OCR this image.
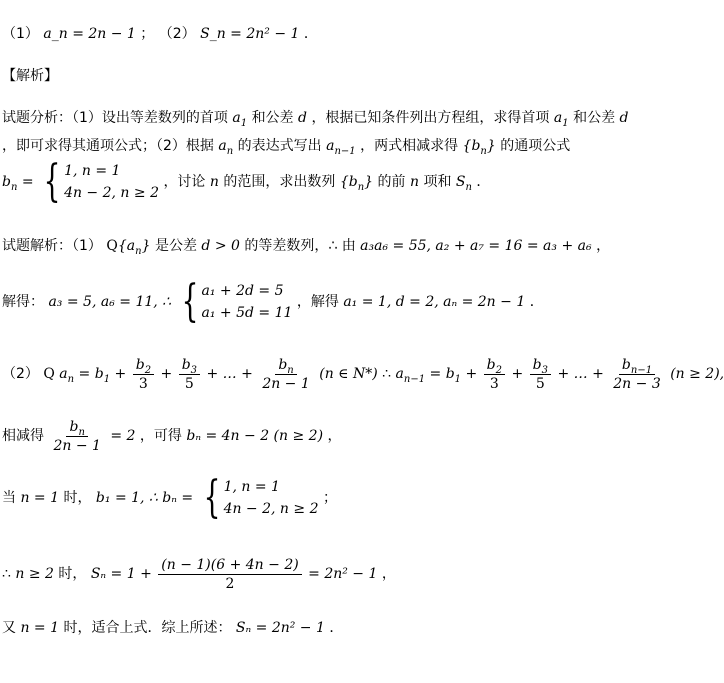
（1） a_n = 2n − 1 ； （2） S_n = 2n² − 1 ．
【解析】
试题分析：（1）设出等差数列的首项 $a_1$ 和公差 d ，根据已知条件列出方程组，求得首项 $a_1$ 和公差 d
，即可求得其通项公式；（2）根据 $a_n$ 的表达式写出 $a_{n-1}$ ，两式相减求得 $\{b_n\}$ 的通项公式
$b_n$ = { 1, n = 1
4n − 2, n ≥ 2
，讨论 n 的范围，求出数列 $\{b_n\}$ 的前 n 项和 $S_n$ ．
试题解析：（1） $Q\{a_n\}$ 是公差 d > 0 的等差数列，∴ 由 a₃a₆ = 55, a₂ + a₇ = 16 = a₃ + a₆ ，
解得： a₃ = 5, a₆ = 11, ∴ { a₁ + 2d = 5
a₁ + 5d = 11
，解得 a₁ = 1, d = 2, aₙ = 2n − 1 ．
（2） Q $a_n = b_1 + \frac{b_2}{3} + \frac{b_3}{5}$ + … + $\frac{b_n}{2n - 1} (n$ ∈ N*) ∴ $a_{n-1} = b_1 + \frac{b_2}{3} + \frac{b_3}{5}$ + … + $\frac{b_{n-1}}{2n - 3} (n \ge 2)$,
相减得 $\frac{b_n}{2n - 1} = 2$ ，可得 bₙ = 4n − 2 (n ≥ 2) ，
当 n = 1 时， b₁ = 1, ∴ bₙ = { 1, n = 1
4n − 2, n ≥ 2
；
∴ n ≥ 2 时， $S_n = 1 + \frac{(n - 1)(6 + 4n - 2)}{2} = 2n^2 - 1$ ，
又 n = 1 时，适合上式．综上所述： Sₙ = 2n² − 1 ．
